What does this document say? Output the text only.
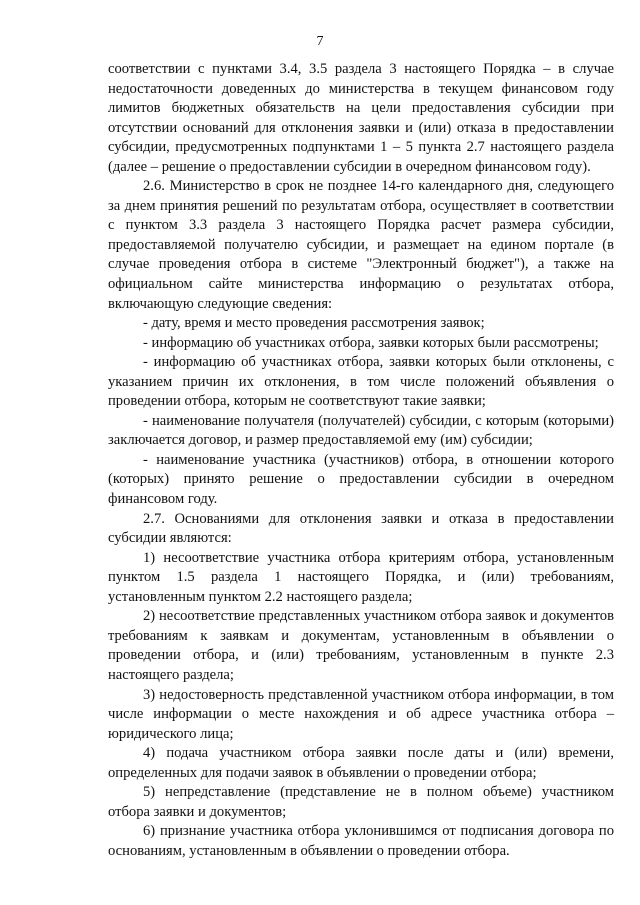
7

соответствии с пунктами 3.4, 3.5 раздела 3 настоящего Порядка – в случае недостаточности доведенных до министерства в текущем финансовом году лимитов бюджетных обязательств на цели предоставления субсидии при отсутствии оснований для отклонения заявки и (или) отказа в предоставлении субсидии, предусмотренных подпунктами 1 – 5 пункта 2.7 настоящего раздела (далее – решение о предоставлении субсидии в очередном финансовом году).

2.6. Министерство в срок не позднее 14-го календарного дня, следующего за днем принятия решений по результатам отбора, осуществляет в соответствии с пунктом 3.3 раздела 3 настоящего Порядка расчет размера субсидии, предоставляемой получателю субсидии, и размещает на едином портале (в случае проведения отбора в системе "Электронный бюджет"), а также на официальном сайте министерства информацию о результатах отбора, включающую следующие сведения:

- дату, время и место проведения рассмотрения заявок;

- информацию об участниках отбора, заявки которых были рассмотрены;

- информацию об участниках отбора, заявки которых были отклонены, с указанием причин их отклонения, в том числе положений объявления о проведении отбора, которым не соответствуют такие заявки;

- наименование получателя (получателей) субсидии, с которым (которыми) заключается договор, и размер предоставляемой ему (им) субсидии;

- наименование участника (участников) отбора, в отношении которого (которых) принято решение о предоставлении субсидии в очередном финансовом году.

2.7. Основаниями для отклонения заявки и отказа в предоставлении субсидии являются:

1) несоответствие участника отбора критериям отбора, установленным пунктом 1.5 раздела 1 настоящего Порядка, и (или) требованиям, установленным пунктом 2.2 настоящего раздела;

2) несоответствие представленных участником отбора заявок и документов требованиям к заявкам и документам, установленным в объявлении о проведении отбора, и (или) требованиям, установленным в пункте 2.3 настоящего раздела;

3) недостоверность представленной участником отбора информации, в том числе информации о месте нахождения и об адресе участника отбора – юридического лица;

4) подача участником отбора заявки после даты и (или) времени, определенных для подачи заявок в объявлении о проведении отбора;

5) непредставление (представление не в полном объеме) участником отбора заявки и документов;

6) признание участника отбора уклонившимся от подписания договора по основаниям, установленным в объявлении о проведении отбора.
